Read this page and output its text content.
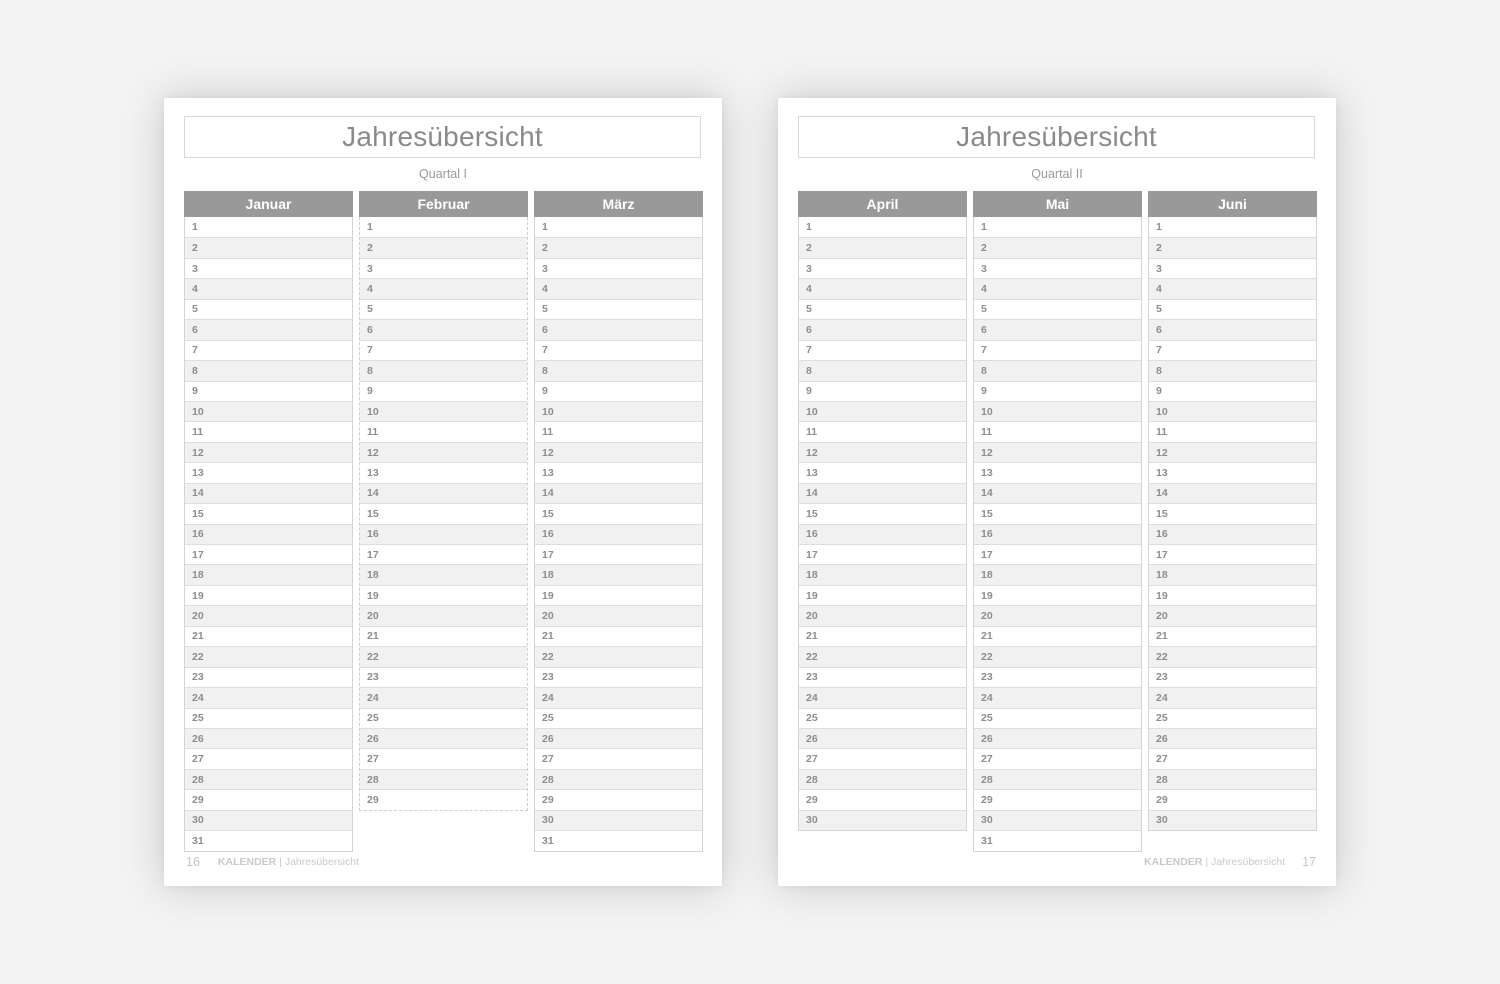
Jahresübersicht
Quartal I
Januar
1
2
3
4
5
6
7
8
9
10
11
12
13
14
15
16
17
18
19
20
21
22
23
24
25
26
27
28
29
30
31
Februar
1
2
3
4
5
6
7
8
9
10
11
12
13
14
15
16
17
18
19
20
21
22
23
24
25
26
27
28
29
März
1
2
3
4
5
6
7
8
9
10
11
12
13
14
15
16
17
18
19
20
21
22
23
24
25
26
27
28
29
30
31
16 KALENDER
|
Jahresübersicht
Jahresübersicht
Quartal II
April
1
2
3
4
5
6
7
8
9
10
11
12
13
14
15
16
17
18
19
20
21
22
23
24
25
26
27
28
29
30
Mai
1
2
3
4
5
6
7
8
9
10
11
12
13
14
15
16
17
18
19
20
21
22
23
24
25
26
27
28
29
30
31
Juni
1
2
3
4
5
6
7
8
9
10
11
12
13
14
15
16
17
18
19
20
21
22
23
24
25
26
27
28
29
30
KALENDER
|
Jahresübersicht 17
